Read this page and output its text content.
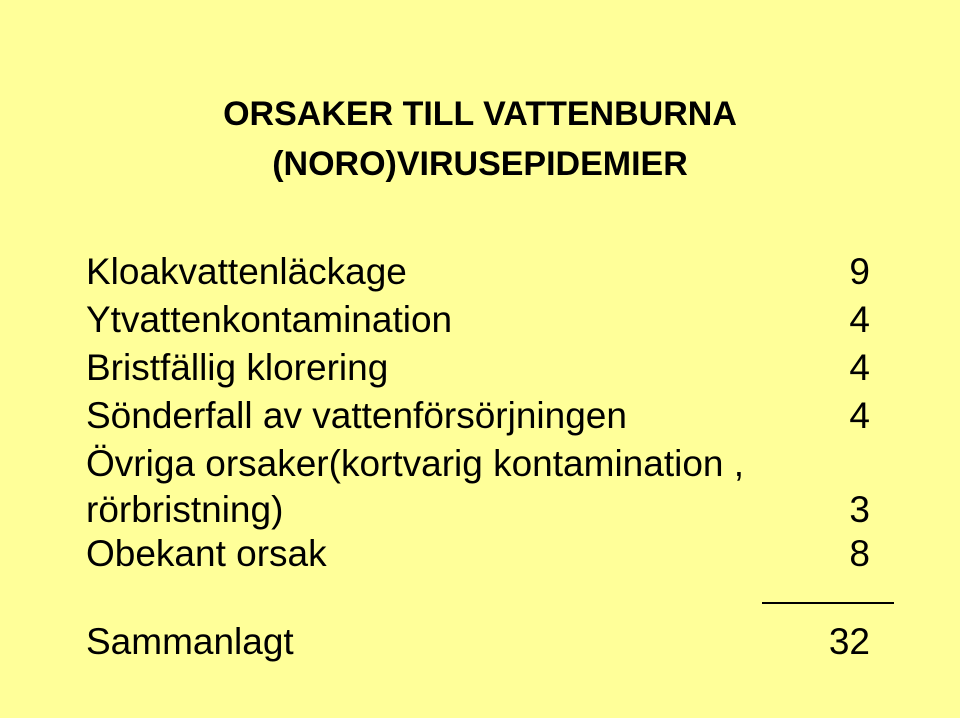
ORSAKER TILL VATTENBURNA
(NORO)VIRUSEPIDEMIER
Kloakvattenläckage	9
Ytvattenkontamination	4
Bristfällig klorering	4
Sönderfall av vattenförsörjningen	4
Övriga orsaker(kortvarig kontamination ,
rörbristning)	3
Obekant orsak	8
Sammanlagt	32
